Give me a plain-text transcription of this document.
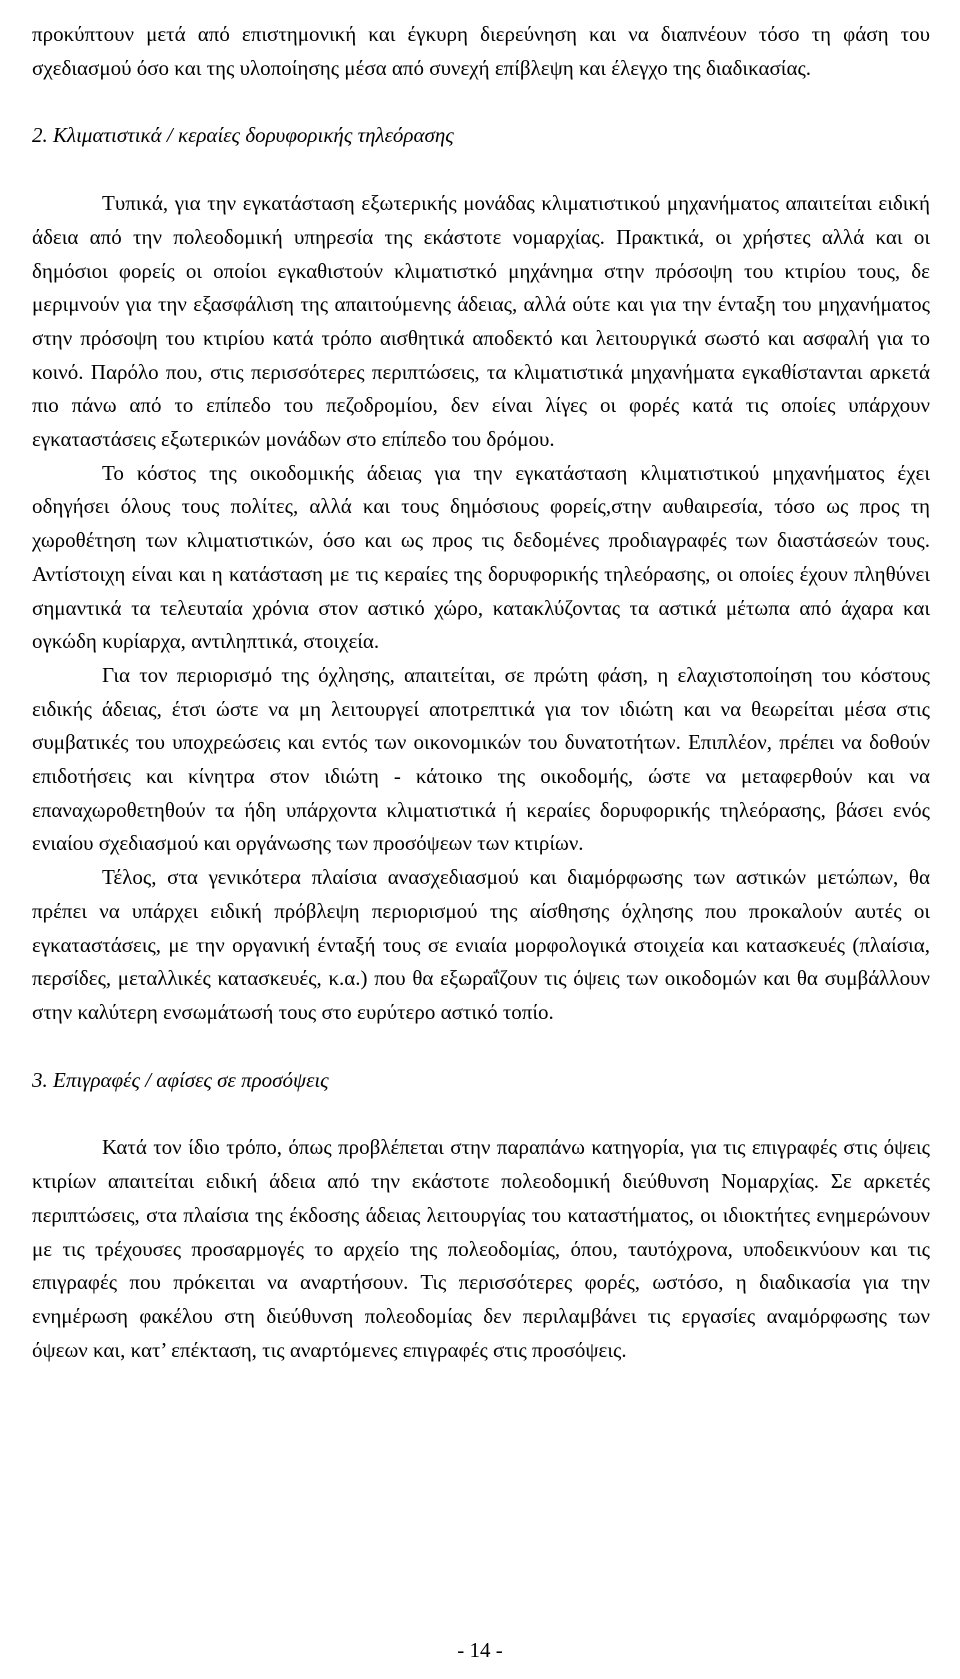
προκύπτουν μετά από επιστημονική και έγκυρη διερεύνηση και να διαπνέουν τόσο τη φάση του σχεδιασμού όσο και της υλοποίησης μέσα από συνεχή επίβλεψη και έλεγχο της διαδικασίας.

2. Κλιματιστικά / κεραίες δορυφορικής τηλεόρασης

Τυπικά, για την εγκατάσταση εξωτερικής μονάδας κλιματιστικού μηχανήματος απαιτείται ειδική άδεια από την πολεοδομική υπηρεσία της εκάστοτε νομαρχίας. Πρακτικά, οι χρήστες αλλά και οι δημόσιοι φορείς οι οποίοι εγκαθιστούν κλιματιστκό μηχάνημα στην πρόσοψη του κτιρίου τους, δε μεριμνούν για την εξασφάλιση της απαιτούμενης άδειας, αλλά ούτε και για την ένταξη του μηχανήματος στην πρόσοψη του κτιρίου κατά τρόπο αισθητικά αποδεκτό και λειτουργικά σωστό και ασφαλή για το κοινό. Παρόλο που, στις περισσότερες περιπτώσεις, τα κλιματιστικά μηχανήματα εγκαθίστανται αρκετά πιο πάνω από το επίπεδο του πεζοδρομίου, δεν είναι λίγες οι φορές κατά τις οποίες υπάρχουν εγκαταστάσεις εξωτερικών μονάδων στο επίπεδο του δρόμου.

Το κόστος της οικοδομικής άδειας για την εγκατάσταση κλιματιστικού μηχανήματος έχει οδηγήσει όλους τους πολίτες, αλλά και τους δημόσιους φορείς,στην αυθαιρεσία, τόσο ως προς τη χωροθέτηση των κλιματιστικών, όσο και ως προς τις δεδομένες προδιαγραφές των διαστάσεών τους. Αντίστοιχη είναι και η κατάσταση με τις κεραίες της δορυφορικής τηλεόρασης, οι οποίες έχουν πληθύνει σημαντικά τα τελευταία χρόνια στον αστικό χώρο, κατακλύζοντας τα αστικά μέτωπα από άχαρα και ογκώδη κυρίαρχα, αντιληπτικά, στοιχεία.

Για τον περιορισμό της όχλησης, απαιτείται, σε πρώτη φάση, η ελαχιστοποίηση του κόστους ειδικής άδειας, έτσι ώστε να μη λειτουργεί αποτρεπτικά για τον ιδιώτη και να θεωρείται μέσα στις συμβατικές του υποχρεώσεις και εντός των οικονομικών του δυνατοτήτων. Επιπλέον, πρέπει να δοθούν επιδοτήσεις και κίνητρα στον ιδιώτη - κάτοικο της οικοδομής, ώστε να μεταφερθούν και να επαναχωροθετηθούν τα ήδη υπάρχοντα κλιματιστικά ή κεραίες δορυφορικής τηλεόρασης, βάσει ενός ενιαίου σχεδιασμού και οργάνωσης των προσόψεων των κτιρίων.

Τέλος, στα γενικότερα πλαίσια ανασχεδιασμού και διαμόρφωσης των αστικών μετώπων, θα πρέπει να υπάρχει ειδική πρόβλεψη περιορισμού της αίσθησης όχλησης που προκαλούν αυτές οι εγκαταστάσεις, με την οργανική ένταξή τους σε ενιαία μορφολογικά στοιχεία και κατασκευές (πλαίσια, περσίδες, μεταλλικές κατασκευές, κ.α.) που θα εξωραΐζουν τις όψεις των οικοδομών και θα συμβάλλουν στην καλύτερη ενσωμάτωσή τους στο ευρύτερο αστικό τοπίο.

3. Επιγραφές / αφίσες σε προσόψεις

Κατά τον ίδιο τρόπο, όπως προβλέπεται στην παραπάνω κατηγορία, για τις επιγραφές στις όψεις κτιρίων απαιτείται ειδική άδεια από την εκάστοτε πολεοδομική διεύθυνση Νομαρχίας. Σε αρκετές περιπτώσεις, στα πλαίσια της έκδοσης άδειας λειτουργίας του καταστήματος, οι ιδιοκτήτες ενημερώνουν με τις τρέχουσες προσαρμογές το αρχείο της πολεοδομίας, όπου, ταυτόχρονα, υποδεικνύουν και τις επιγραφές που πρόκειται να αναρτήσουν. Τις περισσότερες φορές, ωστόσο, η διαδικασία για την ενημέρωση φακέλου στη διεύθυνση πολεοδομίας δεν περιλαμβάνει τις εργασίες αναμόρφωσης των όψεων και, κατ’ επέκταση, τις αναρτόμενες επιγραφές στις προσόψεις.

- 14 -
